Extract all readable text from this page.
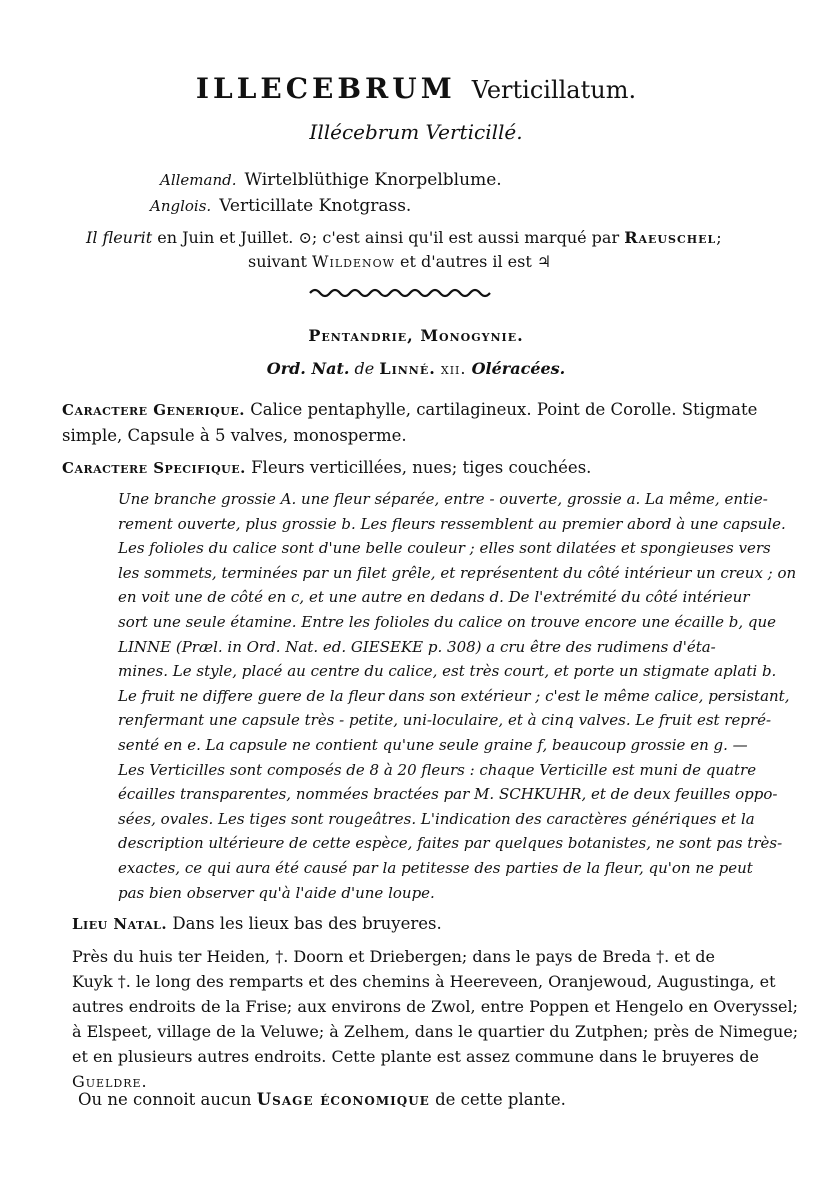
ILLECEBRUM Verticillatum.
Illécebrum Verticillé.
Allemand. Wirtelblüthige Knorpelblume.
Anglois. Verticillate Knotgrass.
Il fleurit en Juin et Juillet. ⊙; c'est ainsi qu'il est aussi marqué par Raeuschel;
suivant Wildenow et d'autres il est ♃
Pentandrie, Monogynie.
Ord. Nat. de Linné. xii. Oléracées.
Caractere Generique. Calice pentaphylle, cartilagineux. Point de Corolle. Stigmate
simple, Capsule à 5 valves, monosperme.
Caractere Specifique. Fleurs verticillées, nues; tiges couchées.
Une branche grossie A. une fleur séparée, entre - ouverte, grossie a. La même, entie-
rement ouverte, plus grossie b. Les fleurs ressemblent au premier abord à une capsule.
Les folioles du calice sont d'une belle couleur ; elles sont dilatées et spongieuses vers
les sommets, terminées par un filet grêle, et représentent du côté intérieur un creux ; on
en voit une de côté en c, et une autre en dedans d. De l'extrémité du côté intérieur
sort une seule étamine. Entre les folioles du calice on trouve encore une écaille b, que
LINNE (Præl. in Ord. Nat. ed. GIESEKE p. 308) a cru être des rudimens d'éta-
mines. Le style, placé au centre du calice, est très court, et porte un stigmate aplati b.
Le fruit ne differe guere de la fleur dans son extérieur ; c'est le même calice, persistant,
renfermant une capsule très - petite, uni-loculaire, et à cinq valves. Le fruit est repré-
senté en e. La capsule ne contient qu'une seule graine f, beaucoup grossie en g. —
Les Verticilles sont composés de 8 à 20 fleurs : chaque Verticille est muni de quatre
écailles transparentes, nommées bractées par M. SCHKUHR, et de deux feuilles oppo-
sées, ovales. Les tiges sont rougeâtres. L'indication des caractères génériques et la
description ultérieure de cette espèce, faites par quelques botanistes, ne sont pas très-
exactes, ce qui aura été causé par la petitesse des parties de la fleur, qu'on ne peut
pas bien observer qu'à l'aide d'une loupe.
Lieu Natal. Dans les lieux bas des bruyeres.
Près du huis ter Heiden, †. Doorn et Driebergen; dans le pays de Breda †. et de
Kuyk †. le long des remparts et des chemins à Heereveen, Oranjewoud, Augustinga, et
autres endroits de la Frise; aux environs de Zwol, entre Poppen et Hengelo en Overyssel;
à Elspeet, village de la Veluwe; à Zelhem, dans le quartier du Zutphen; près de Nimegue;
et en plusieurs autres endroits. Cette plante est assez commune dans le bruyeres de
Gueldre.
Ou ne connoit aucun Usage économique de cette plante.
